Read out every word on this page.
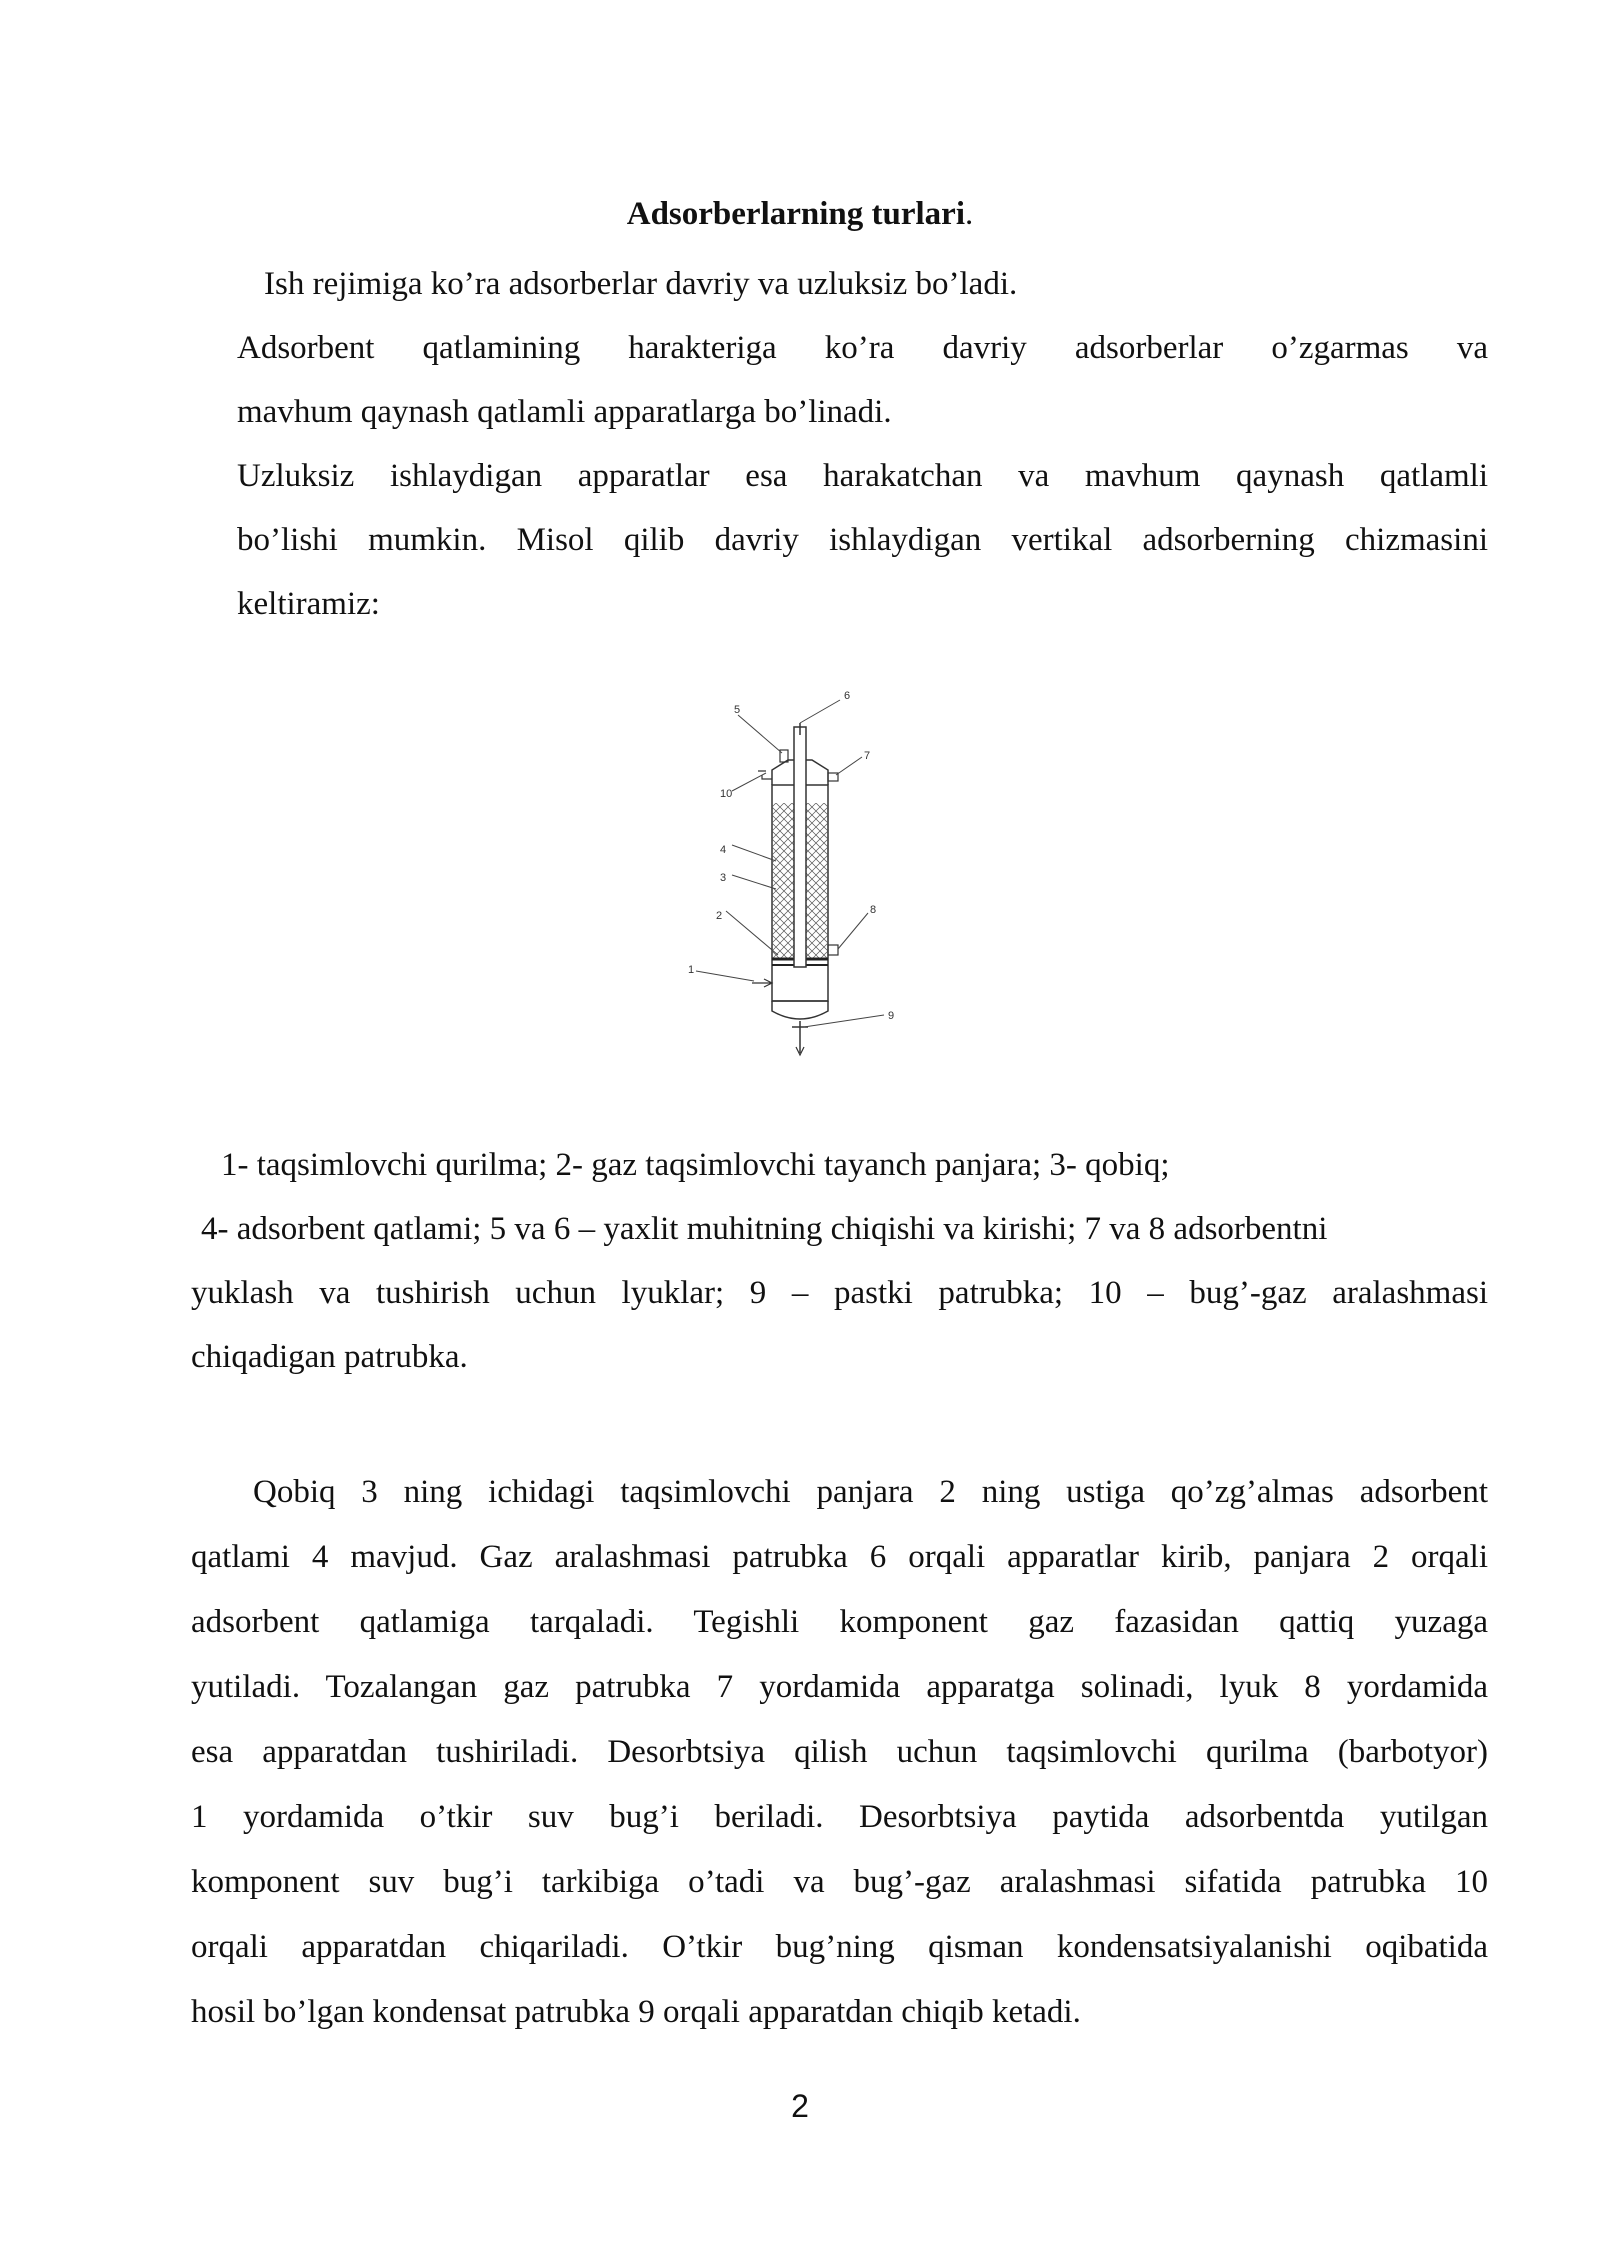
Adsorberlarning turlari.
Ish rejimiga ko’ra adsorberlar davriy va uzluksiz bo’ladi.
Adsorbent qatlamining harakteriga ko’ra davriy adsorberlar o’zgarmas va
mavhum qaynash qatlamli apparatlarga bo’linadi.
Uzluksiz ishlaydigan apparatlar esa harakatchan va mavhum qaynash qatlamli
bo’lishi mumkin. Misol qilib davriy ishlaydigan vertikal adsorberning chizmasini
keltiramiz:
1
2
3
4
5
6
7
8
9
10
1- taqsimlovchi qurilma; 2- gaz taqsimlovchi tayanch panjara; 3- qobiq;
4- adsorbent qatlami; 5 va 6 – yaxlit muhitning chiqishi va kirishi; 7 va 8 adsorbentni
yuklash va tushirish uchun lyuklar; 9 – pastki patrubka; 10 – bug’-gaz aralashmasi
chiqadigan patrubka.
Qobiq 3 ning ichidagi taqsimlovchi panjara 2 ning ustiga qo’zg’almas adsorbent
qatlami 4 mavjud. Gaz aralashmasi patrubka 6 orqali apparatlar kirib, panjara 2 orqali
adsorbent qatlamiga tarqaladi. Tegishli komponent gaz fazasidan qattiq yuzaga
yutiladi. Tozalangan gaz patrubka 7 yordamida apparatga solinadi, lyuk 8 yordamida
esa apparatdan tushiriladi. Desorbtsiya qilish uchun taqsimlovchi qurilma (barbotyor)
1 yordamida o’tkir suv bug’i beriladi. Desorbtsiya paytida adsorbentda yutilgan
komponent suv bug’i tarkibiga o’tadi va bug’-gaz aralashmasi sifatida patrubka 10
orqali apparatdan chiqariladi. O’tkir bug’ning qisman kondensatsiyalanishi oqibatida
hosil bo’lgan kondensat patrubka 9 orqali apparatdan chiqib ketadi.
2
